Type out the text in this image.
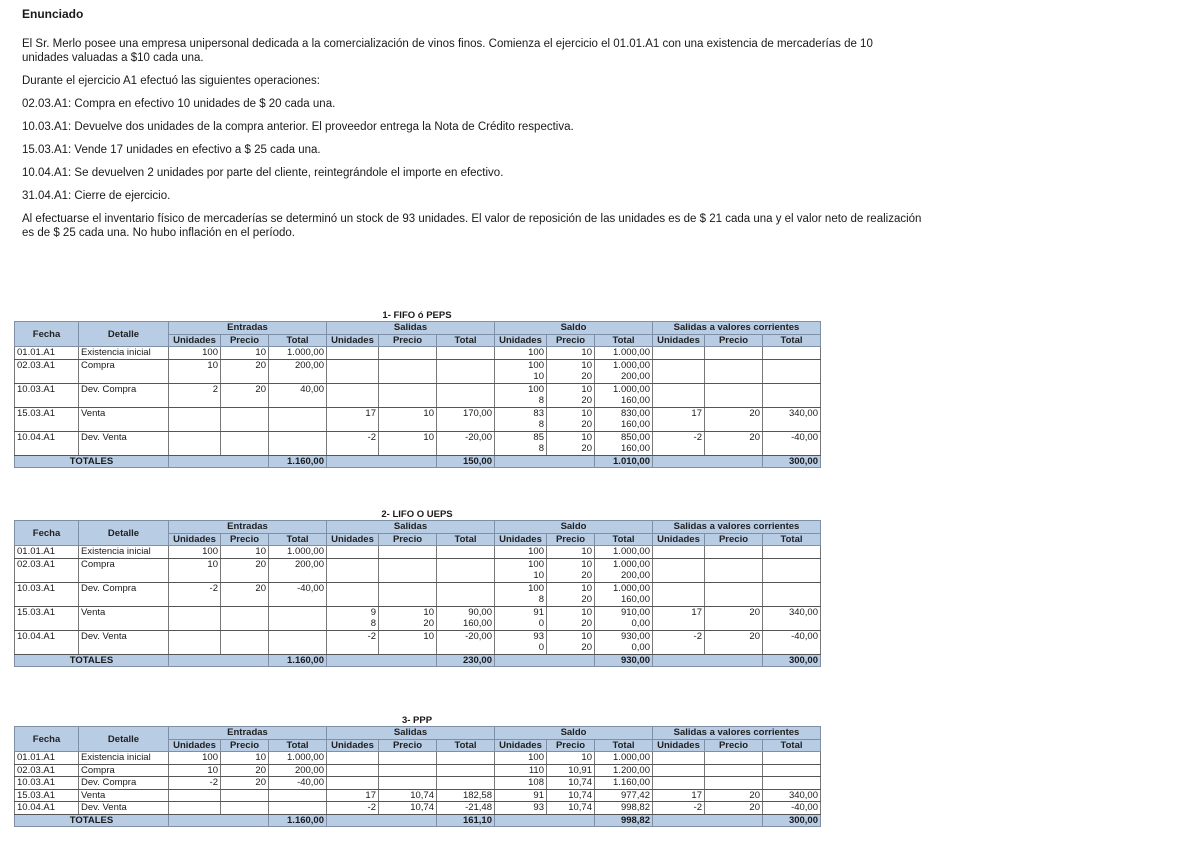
Enunciado

El Sr. Merlo posee una empresa unipersonal dedicada a la comercialización de vinos finos. Comienza el ejercicio el 01.01.A1 con una existencia de mercaderías de 10 unidades valuadas a $10 cada una.

Durante el ejercicio A1 efectuó las siguientes operaciones:

02.03.A1: Compra en efectivo 10 unidades de $ 20 cada una.

10.03.A1: Devuelve dos unidades de la compra anterior. El proveedor entrega la Nota de Crédito respectiva.

15.03.A1: Vende 17 unidades en efectivo a $ 25 cada una.

10.04.A1: Se devuelven 2 unidades por parte del cliente, reintegrándole el importe en efectivo.

31.04.A1: Cierre de ejercicio.

Al efectuarse el inventario físico de mercaderías se determinó un stock de 93 unidades. El valor de reposición de las unidades es de $ 21 cada una y el valor neto de realización es de $ 25 cada una. No hubo inflación en el período.

1- FIFO ó PEPS
Fecha	Detalle	Entradas			Salidas			Saldo			Salidas a valores corrientes		
		Unidades	Precio	Total	Unidades	Precio	Total	Unidades	Precio	Total	Unidades	Precio	Total
01.01.A1	Existencia inicial	100	10	1.000,00				100	10	1.000,00			
02.03.A1	Compra	10	20	200,00				100	10	1.000,00			
								10	20	200,00			
10.03.A1	Dev. Compra	2	20	40,00				100	10	1.000,00			
								8	20	160,00			
15.03.A1	Venta				17	10	170,00	83	10	830,00	17	20	340,00
								8	20	160,00			
10.04.A1	Dev. Venta				-2	10	-20,00	85	10	850,00	-2	20	-40,00
								8	20	160,00			
TOTALES				1.160,00			150,00			1.010,00			300,00
2- LIFO O UEPS
Fecha	Detalle	Entradas			Salidas			Saldo			Salidas a valores corrientes		
		Unidades	Precio	Total	Unidades	Precio	Total	Unidades	Precio	Total	Unidades	Precio	Total
01.01.A1	Existencia inicial	100	10	1.000,00				100	10	1.000,00			
02.03.A1	Compra	10	20	200,00				100	10	1.000,00			
								10	20	200,00			
10.03.A1	Dev. Compra	-2	20	-40,00				100	10	1.000,00			
								8	20	160,00			
15.03.A1	Venta				9	10	90,00	91	10	910,00	17	20	340,00
					8	20	160,00	0	20	0,00			
10.04.A1	Dev. Venta				-2	10	-20,00	93	10	930,00	-2	20	-40,00
								0	20	0,00			
TOTALES				1.160,00			230,00			930,00			300,00
3- PPP
Fecha	Detalle	Entradas			Salidas			Saldo			Salidas a valores corrientes		
		Unidades	Precio	Total	Unidades	Precio	Total	Unidades	Precio	Total	Unidades	Precio	Total
01.01.A1	Existencia inicial	100	10	1.000,00				100	10	1.000,00			
02.03.A1	Compra	10	20	200,00				110	10,91	1.200,00			
10.03.A1	Dev. Compra	-2	20	-40,00				108	10,74	1.160,00			
15.03.A1	Venta				17	10,74	182,58	91	10,74	977,42	17	20	340,00
10.04.A1	Dev. Venta				-2	10,74	-21,48	93	10,74	998,82	-2	20	-40,00
TOTALES				1.160,00			161,10			998,82			300,00
